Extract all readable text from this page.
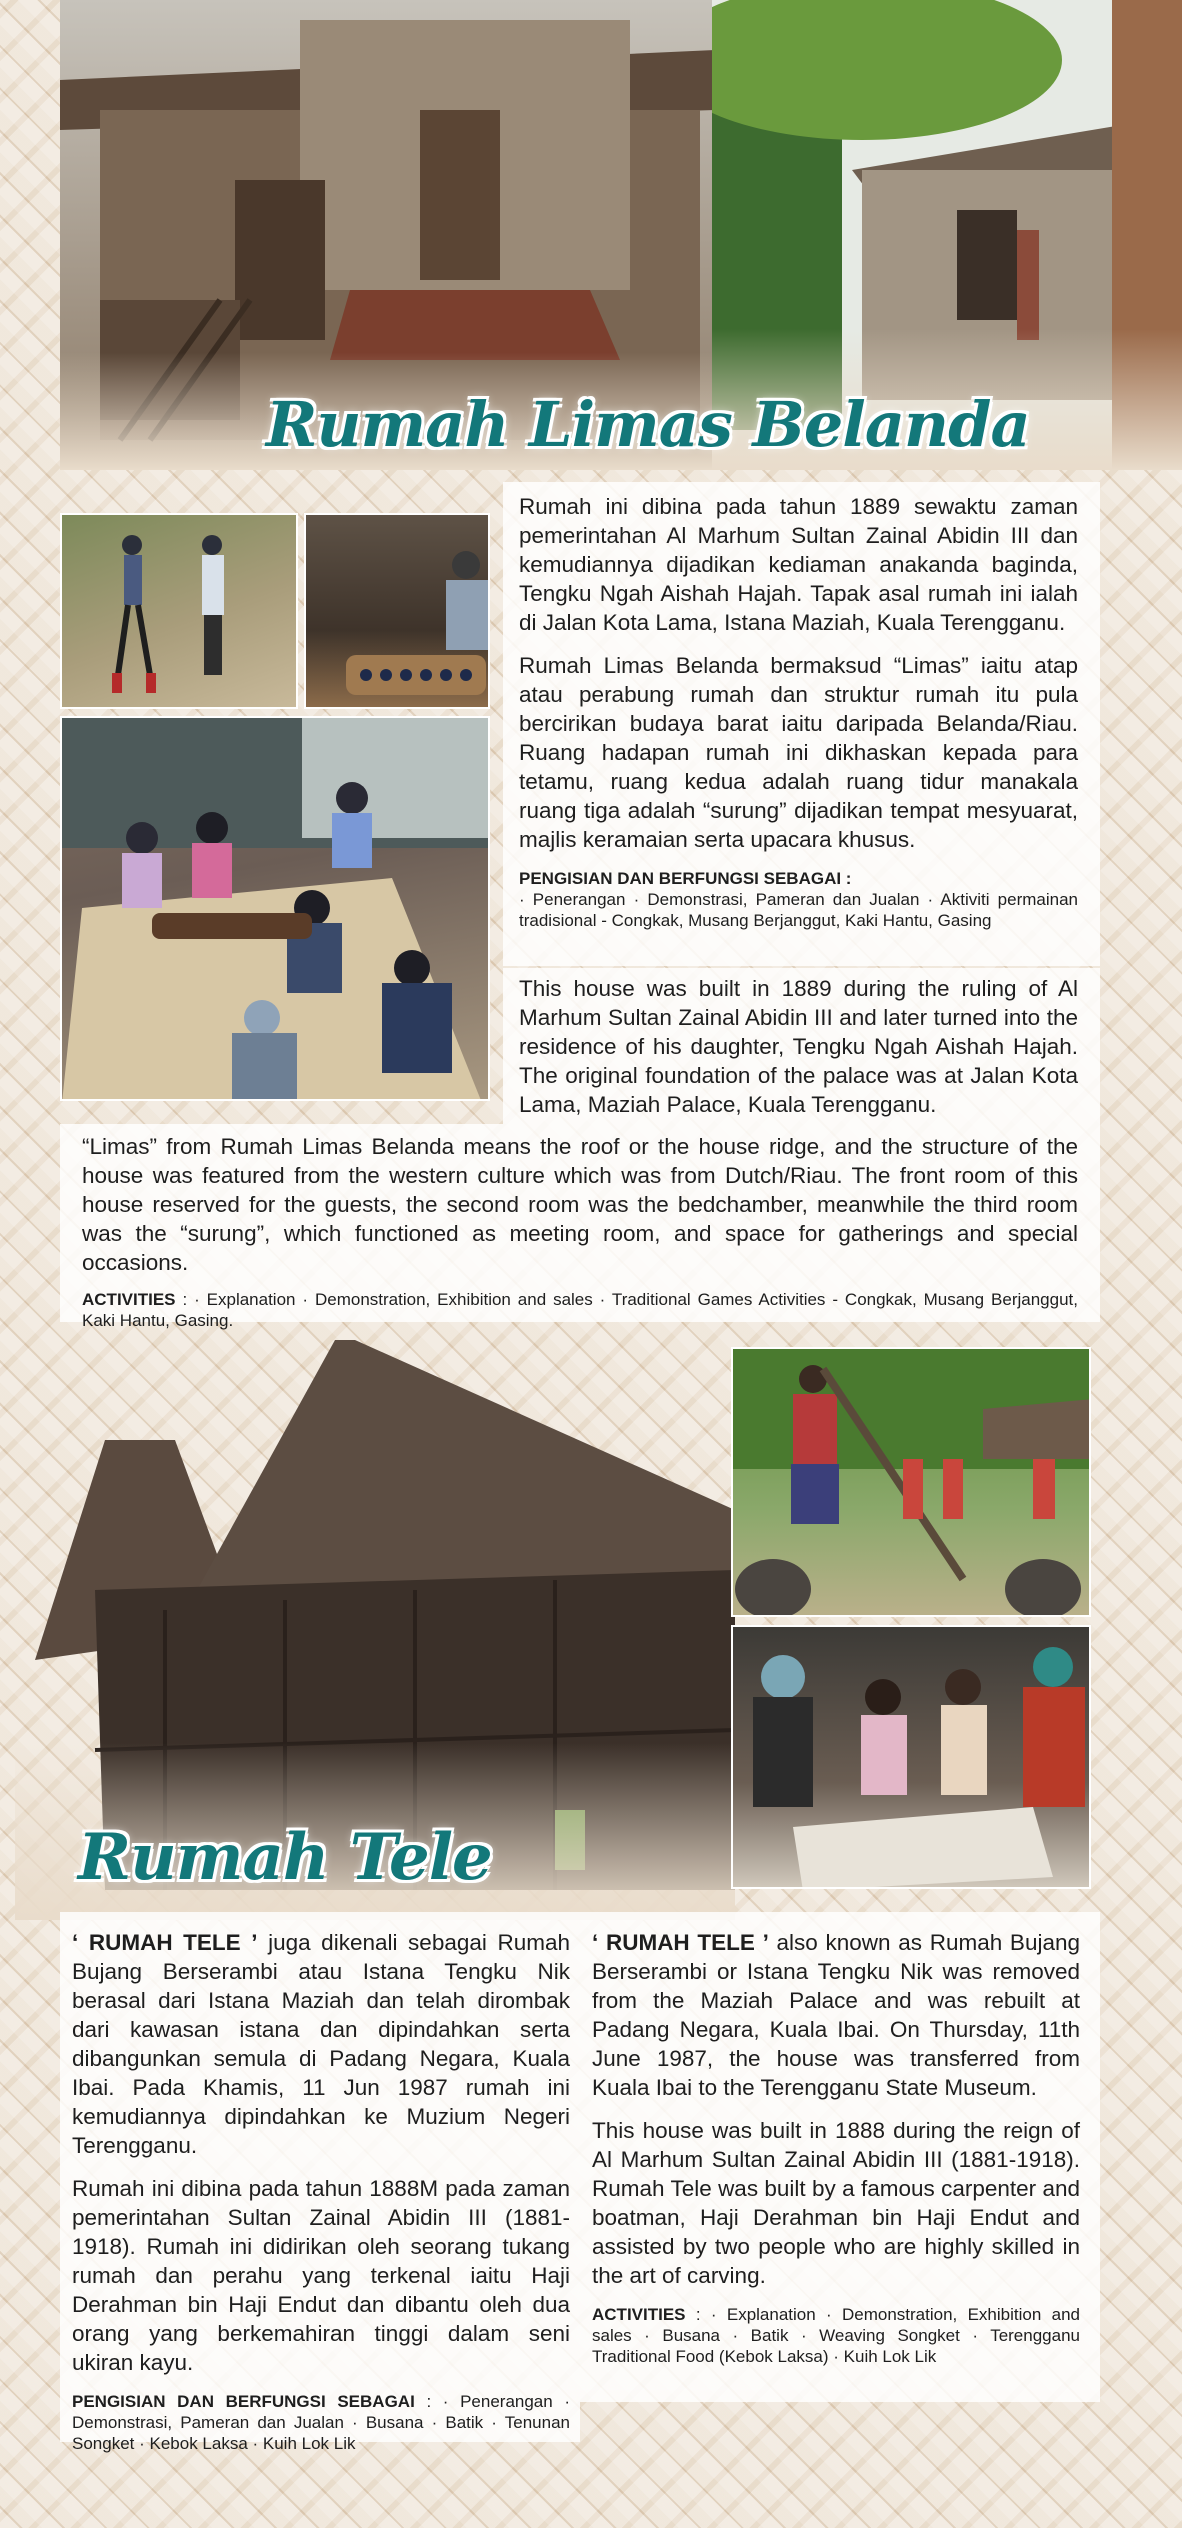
Rumah Limas Belanda

Rumah ini dibina pada tahun 1889 sewaktu zaman pemerintahan Al Marhum Sultan Zainal Abidin III dan kemudiannya dijadikan kediaman anakanda baginda, Tengku Ngah Aishah Hajah. Tapak asal rumah ini ialah di Jalan Kota Lama, Istana Maziah, Kuala Terengganu.

Rumah Limas Belanda bermaksud “Limas” iaitu atap atau perabung rumah dan struktur rumah itu pula bercirikan budaya barat iaitu daripada Belanda/Riau. Ruang hadapan rumah ini dikhaskan kepada para tetamu, ruang kedua adalah ruang tidur manakala ruang tiga adalah “surung” dijadikan tempat mesyuarat, majlis keramaian serta upacara khusus.

PENGISIAN DAN BERFUNGSI SEBAGAI :

· Penerangan · Demonstrasi, Pameran dan Jualan · Aktiviti permainan tradisional - Congkak, Musang Berjanggut, Kaki Hantu, Gasing

This house was built in 1889 during the ruling of Al Marhum Sultan Zainal Abidin III and later turned into the residence of his daughter, Tengku Ngah Aishah Hajah. The original foundation of the palace was at Jalan Kota Lama, Maziah Palace, Kuala Terengganu.

“Limas” from Rumah Limas Belanda means the roof or the house ridge, and the structure of the house was featured from the western culture which was from Dutch/Riau. The front room of this house reserved for the guests, the second room was the bedchamber, meanwhile the third room was the “surung”, which functioned as meeting room, and space for gatherings and special occasions.

ACTIVITIES : · Explanation · Demonstration, Exhibition and sales · Traditional Games Activities - Congkak, Musang Berjanggut, Kaki Hantu, Gasing.

Rumah Tele

‘ RUMAH TELE ’ juga dikenali sebagai Rumah Bujang Berserambi atau Istana Tengku Nik berasal dari Istana Maziah dan telah dirombak dari kawasan istana dan dipindahkan serta dibangunkan semula di Padang Negara, Kuala Ibai. Pada Khamis, 11 Jun 1987 rumah ini kemudiannya dipindahkan ke Muzium Negeri Terengganu.

Rumah ini dibina pada tahun 1888M pada zaman pemerintahan Sultan Zainal Abidin III (1881-1918). Rumah ini didirikan oleh seorang tukang rumah dan perahu yang terkenal iaitu Haji Derahman bin Haji Endut dan dibantu oleh dua orang yang berkemahiran tinggi dalam seni ukiran kayu.

PENGISIAN DAN BERFUNGSI SEBAGAI : · Penerangan · Demonstrasi, Pameran dan Jualan · Busana · Batik · Tenunan Songket · Kebok Laksa · Kuih Lok Lik

‘ RUMAH TELE ’ also known as Rumah Bujang Berserambi or Istana Tengku Nik was removed from the Maziah Palace and was rebuilt at Padang Negara, Kuala Ibai. On Thursday, 11th June 1987, the house was transferred from Kuala Ibai to the Terengganu State Museum.

This house was built in 1888 during the reign of Al Marhum Sultan Zainal Abidin III (1881-1918). Rumah Tele was built by a famous carpenter and boatman, Haji Derahman bin Haji Endut and assisted by two people who are highly skilled in the art of carving.

ACTIVITIES : · Explanation · Demonstration, Exhibition and sales · Busana · Batik · Weaving Songket · Terengganu Traditional Food (Kebok Laksa) · Kuih Lok Lik
